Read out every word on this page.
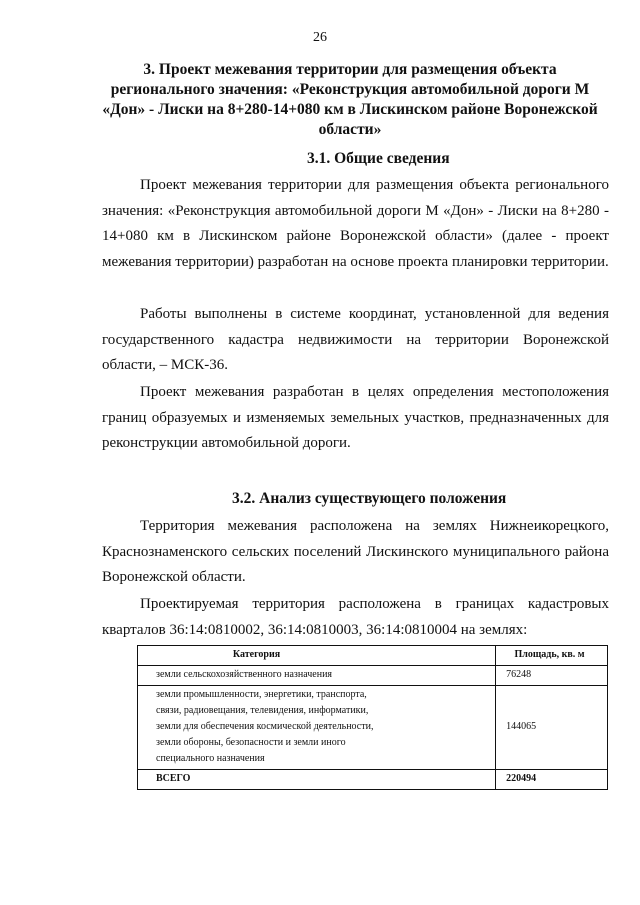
26
3. Проект межевания территории для размещения объекта регионального значения: «Реконструкция автомобильной дороги М «Дон» - Лиски на 8+280-14+080 км в Лискинском районе Воронежской области»
3.1. Общие сведения
Проект межевания территории для размещения объекта регионального значения: «Реконструкция автомобильной дороги М «Дон» - Лиски на 8+280 - 14+080 км в Лискинском районе Воронежской области» (далее - проект межевания территории) разработан на основе проекта планировки территории.
Работы выполнены в системе координат, установленной для ведения государственного кадастра недвижимости на территории Воронежской области, – МСК-36.
Проект межевания разработан в целях определения местоположения границ образуемых и изменяемых земельных участков, предназначенных для реконструкции автомобильной дороги.
3.2. Анализ существующего положения
Территория межевания расположена на землях Нижнеикорецкого, Краснознаменского сельских поселений Лискинского муниципального района Воронежской области.
Проектируемая территория расположена в границах кадастровых кварталов 36:14:0810002, 36:14:0810003, 36:14:0810004 на землях:
Категория	Площадь, кв. м
земли сельскохозяйственного назначения	76248

земли промышленности, энергетики, транспорта,
связи, радиовещания, телевидения, информатики,
земли для обеспечения космической деятельности,
земли обороны, безопасности и земли иного
специального назначения	144065
ВСЕГО	220494
